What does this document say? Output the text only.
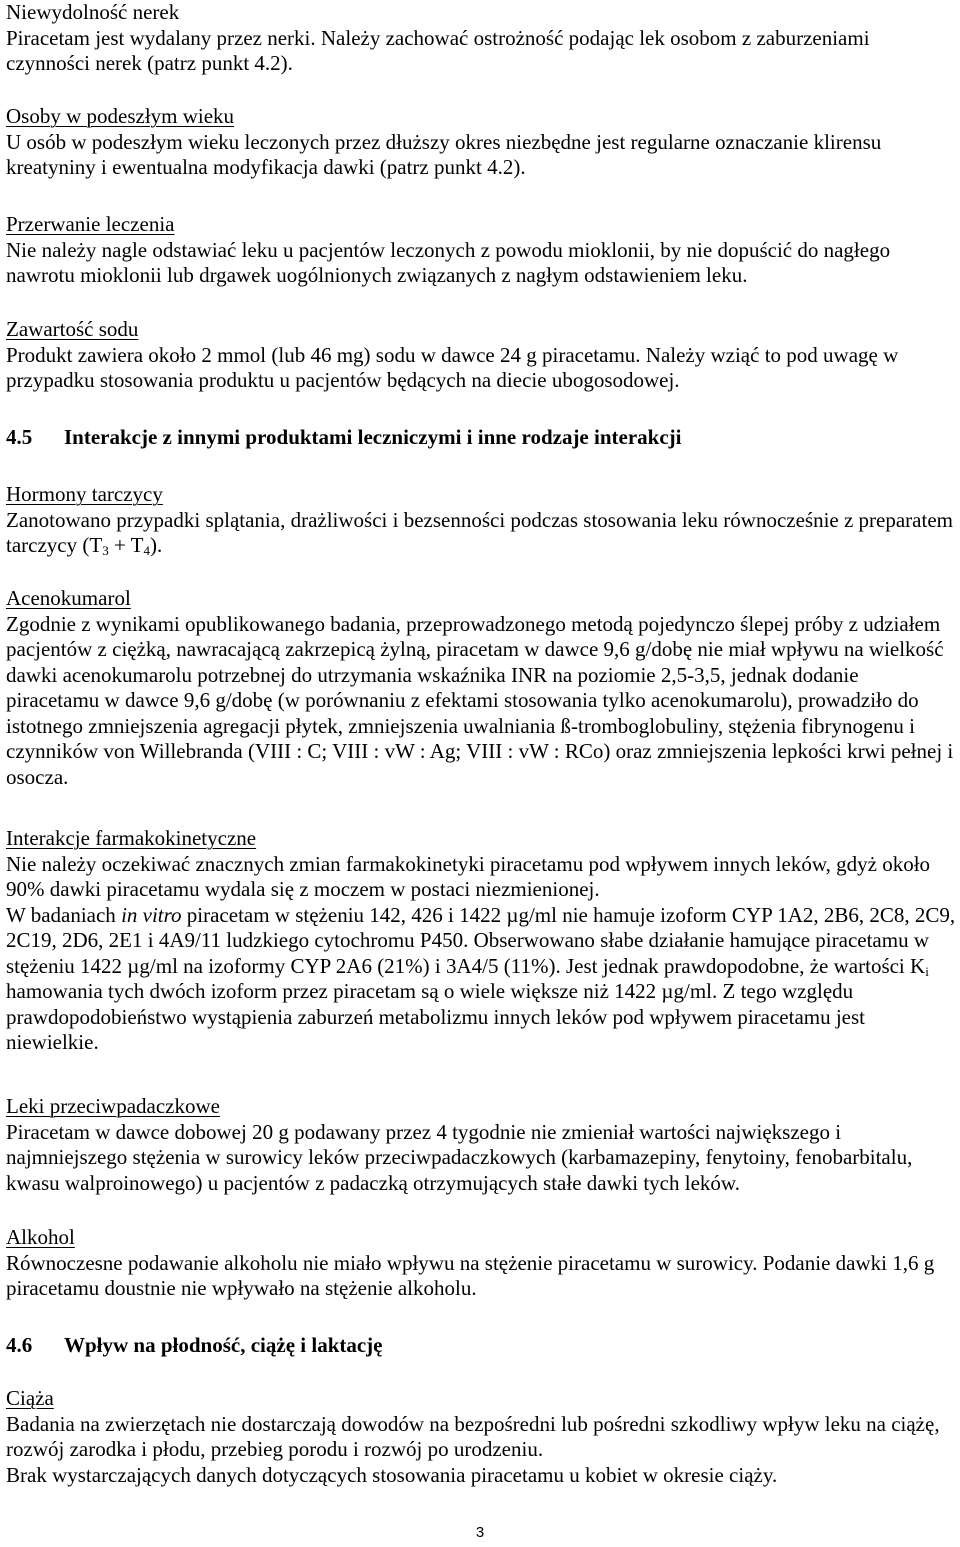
Niewydolność nerek

Piracetam jest wydalany przez nerki. Należy zachować ostrożność podając lek osobom z zaburzeniami czynności nerek (patrz punkt 4.2).

Osoby w podeszłym wieku

U osób w podeszłym wieku leczonych przez dłuższy okres niezbędne jest regularne oznaczanie klirensu kreatyniny i ewentualna modyfikacja dawki (patrz punkt 4.2).

Przerwanie leczenia

Nie należy nagle odstawiać leku u pacjentów leczonych z powodu mioklonii, by nie dopuścić do nagłego nawrotu mioklonii lub drgawek uogólnionych związanych z nagłym odstawieniem leku.

Zawartość sodu

Produkt zawiera około 2 mmol (lub 46 mg) sodu w dawce 24 g piracetamu. Należy wziąć to pod uwagę w przypadku stosowania produktu u pacjentów będących na diecie ubogosodowej.

4.5 Interakcje z innymi produktami leczniczymi i inne rodzaje interakcji

Hormony tarczycy

Zanotowano przypadki splątania, drażliwości i bezsenności podczas stosowania leku równocześnie z preparatem tarczycy $(T_3 + T_4)$.

Acenokumarol

Zgodnie z wynikami opublikowanego badania, przeprowadzonego metodą pojedynczo ślepej próby z udziałem pacjentów z ciężką, nawracającą zakrzepicą żylną, piracetam w dawce 9,6 g/dobę nie miał wpływu na wielkość dawki acenokumarolu potrzebnej do utrzymania wskaźnika INR na poziomie 2,5-3,5, jednak dodanie piracetamu w dawce 9,6 g/dobę (w porównaniu z efektami stosowania tylko acenokumarolu), prowadziło do istotnego zmniejszenia agregacji płytek, zmniejszenia uwalniania ß-tromboglobuliny, stężenia fibrynogenu i czynników von Willebranda (VIII : C; VIII : vW : Ag; VIII : vW : RCo) oraz zmniejszenia lepkości krwi pełnej i osocza.

Interakcje farmakokinetyczne

Nie należy oczekiwać znacznych zmian farmakokinetyki piracetamu pod wpływem innych leków, gdyż około 90% dawki piracetamu wydala się z moczem w postaci niezmienionej.

W badaniach in vitro piracetam w stężeniu 142, 426 i 1422 µg/ml nie hamuje izoform CYP 1A2, 2B6, 2C8, 2C9, 2C19, 2D6, 2E1 i 4A9/11 ludzkiego cytochromu P450. Obserwowano słabe działanie hamujące piracetamu w stężeniu 1422 µg/ml na izoformy CYP 2A6 (21%) i 3A4/5 (11%). Jest jednak prawdopodobne, że wartości $K_i$ hamowania tych dwóch izoform przez piracetam są o wiele większe niż 1422 µg/ml. Z tego względu prawdopodobieństwo wystąpienia zaburzeń metabolizmu innych leków pod wpływem piracetamu jest niewielkie.

Leki przeciwpadaczkowe

Piracetam w dawce dobowej 20 g podawany przez 4 tygodnie nie zmieniał wartości największego i najmniejszego stężenia w surowicy leków przeciwpadaczkowych (karbamazepiny, fenytoiny, fenobarbitalu, kwasu walproinowego) u pacjentów z padaczką otrzymujących stałe dawki tych leków.

Alkohol

Równoczesne podawanie alkoholu nie miało wpływu na stężenie piracetamu w surowicy. Podanie dawki 1,6 g piracetamu doustnie nie wpływało na stężenie alkoholu.

4.6 Wpływ na płodność, ciążę i laktację

Ciąża

Badania na zwierzętach nie dostarczają dowodów na bezpośredni lub pośredni szkodliwy wpływ leku na ciążę, rozwój zarodka i płodu, przebieg porodu i rozwój po urodzeniu.

Brak wystarczających danych dotyczących stosowania piracetamu u kobiet w okresie ciąży.

3
